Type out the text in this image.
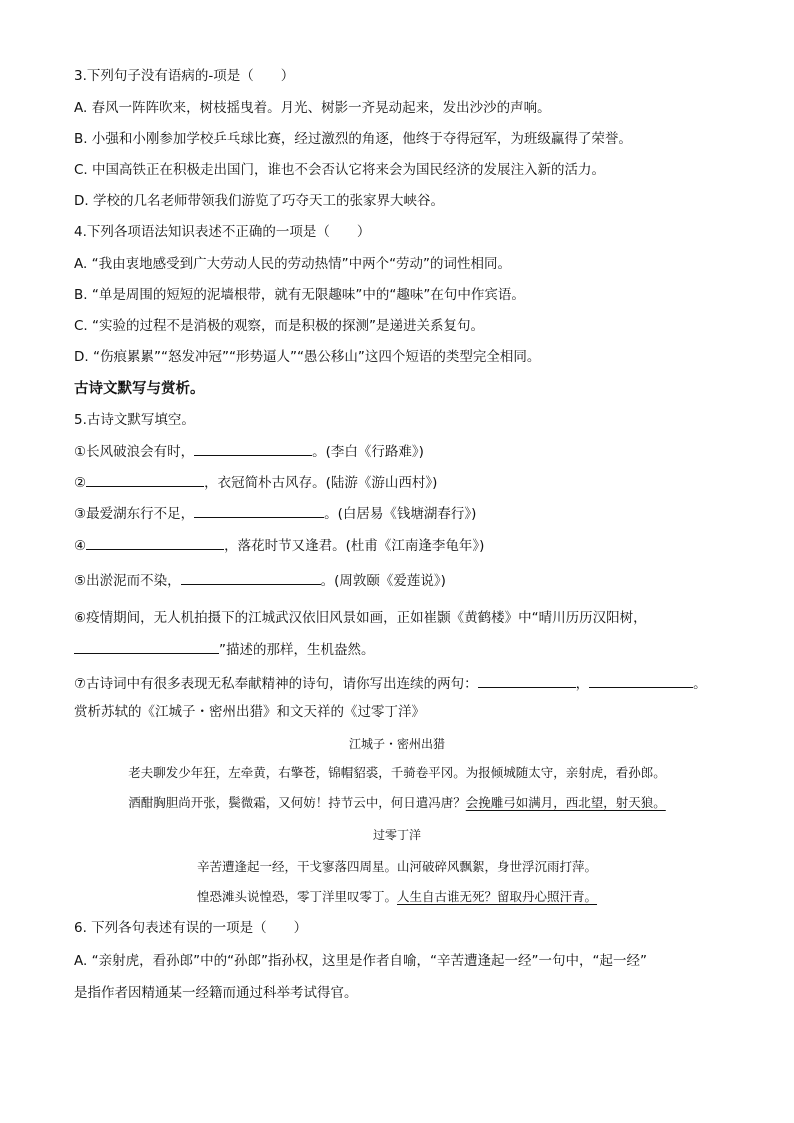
3.下列句子没有语病的-项是（　　）
A. 春风一阵阵吹来，树枝摇曳着。月光、树影一齐晃动起来，发出沙沙的声响。
B. 小强和小刚参加学校乒乓球比赛，经过激烈的角逐，他终于夺得冠军，为班级赢得了荣誉。
C. 中国高铁正在积极走出国门，谁也不会否认它将来会为国民经济的发展注入新的活力。
D. 学校的几名老师带领我们游览了巧夺天工的张家界大峡谷。
4.下列各项语法知识表述不正确的一项是（　　）
A. “我由衷地感受到广大劳动人民的劳动热情”中两个“劳动”的词性相同。
B. “单是周围的短短的泥墙根带，就有无限趣味”中的“趣味”在句中作宾语。
C. “实验的过程不是消极的观察，而是积极的探测”是递进关系复句。
D. “伤痕累累”“怒发冲冠”“形势逼人”“愚公移山”这四个短语的类型完全相同。
古诗文默写与赏析。
5.古诗文默写填空。
①长风破浪会有时，	。(李白《行路难》)
②	，衣冠简朴古风存。(陆游《游山西村》)
③最爱湖东行不足，	。(白居易《钱塘湖春行》)
④	，落花时节又逢君。(杜甫《江南逢李龟年》)
⑤出淤泥而不染，	。(周敦颐《爱莲说》)
⑥疫情期间，无人机拍摄下的江城武汉依旧风景如画，正如崔颢《黄鹤楼》中“晴川历历汉阳树，
”描述的那样，生机盎然。
⑦古诗词中有很多表现无私奉献精神的诗句，请你写出连续的两句：	，	。
赏析苏轼的《江城子・密州出猎》和文天祥的《过零丁洋》
江城子・密州出猎
老夫聊发少年狂，左牵黄，右擎苍，锦帽貂裘，千骑卷平冈。为报倾城随太守，亲射虎，看孙郎。
酒酣胸胆尚开张，鬓微霜，又何妨！持节云中，何日遣冯唐？会挽雕弓如满月，西北望，射天狼。
过零丁洋
辛苦遭逢起一经，干戈寥落四周星。山河破碎风飘絮，身世浮沉雨打萍。
惶恐滩头说惶恐，零丁洋里叹零丁。人生自古谁无死？留取丹心照汗青。
6. 下列各句表述有误的一项是（　　）
A. “亲射虎，看孙郎”中的“孙郎”指孙权，这里是作者自喻，“辛苦遭逢起一经”一句中，“起一经”
是指作者因精通某一经籍而通过科举考试得官。
